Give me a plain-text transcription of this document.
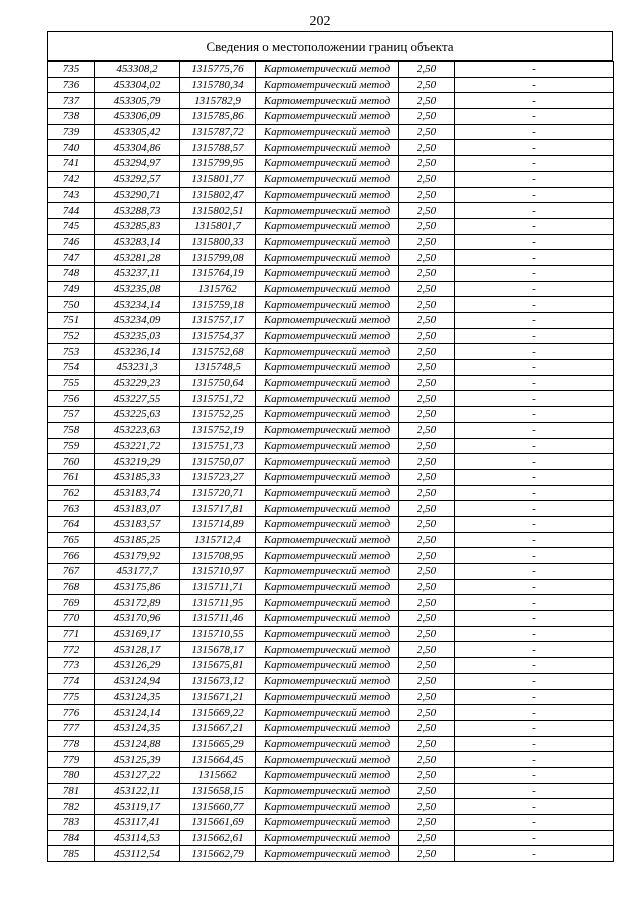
202
Сведения о местоположении границ объекта
735	453308,2	1315775,76	Картометрический метод	2,50	-
736	453304,02	1315780,34	Картометрический метод	2,50	-
737	453305,79	1315782,9	Картометрический метод	2,50	-
738	453306,09	1315785,86	Картометрический метод	2,50	-
739	453305,42	1315787,72	Картометрический метод	2,50	-
740	453304,86	1315788,57	Картометрический метод	2,50	-
741	453294,97	1315799,95	Картометрический метод	2,50	-
742	453292,57	1315801,77	Картометрический метод	2,50	-
743	453290,71	1315802,47	Картометрический метод	2,50	-
744	453288,73	1315802,51	Картометрический метод	2,50	-
745	453285,83	1315801,7	Картометрический метод	2,50	-
746	453283,14	1315800,33	Картометрический метод	2,50	-
747	453281,28	1315799,08	Картометрический метод	2,50	-
748	453237,11	1315764,19	Картометрический метод	2,50	-
749	453235,08	1315762	Картометрический метод	2,50	-
750	453234,14	1315759,18	Картометрический метод	2,50	-
751	453234,09	1315757,17	Картометрический метод	2,50	-
752	453235,03	1315754,37	Картометрический метод	2,50	-
753	453236,14	1315752,68	Картометрический метод	2,50	-
754	453231,3	1315748,5	Картометрический метод	2,50	-
755	453229,23	1315750,64	Картометрический метод	2,50	-
756	453227,55	1315751,72	Картометрический метод	2,50	-
757	453225,63	1315752,25	Картометрический метод	2,50	-
758	453223,63	1315752,19	Картометрический метод	2,50	-
759	453221,72	1315751,73	Картометрический метод	2,50	-
760	453219,29	1315750,07	Картометрический метод	2,50	-
761	453185,33	1315723,27	Картометрический метод	2,50	-
762	453183,74	1315720,71	Картометрический метод	2,50	-
763	453183,07	1315717,81	Картометрический метод	2,50	-
764	453183,57	1315714,89	Картометрический метод	2,50	-
765	453185,25	1315712,4	Картометрический метод	2,50	-
766	453179,92	1315708,95	Картометрический метод	2,50	-
767	453177,7	1315710,97	Картометрический метод	2,50	-
768	453175,86	1315711,71	Картометрический метод	2,50	-
769	453172,89	1315711,95	Картометрический метод	2,50	-
770	453170,96	1315711,46	Картометрический метод	2,50	-
771	453169,17	1315710,55	Картометрический метод	2,50	-
772	453128,17	1315678,17	Картометрический метод	2,50	-
773	453126,29	1315675,81	Картометрический метод	2,50	-
774	453124,94	1315673,12	Картометрический метод	2,50	-
775	453124,35	1315671,21	Картометрический метод	2,50	-
776	453124,14	1315669,22	Картометрический метод	2,50	-
777	453124,35	1315667,21	Картометрический метод	2,50	-
778	453124,88	1315665,29	Картометрический метод	2,50	-
779	453125,39	1315664,45	Картометрический метод	2,50	-
780	453127,22	1315662	Картометрический метод	2,50	-
781	453122,11	1315658,15	Картометрический метод	2,50	-
782	453119,17	1315660,77	Картометрический метод	2,50	-
783	453117,41	1315661,69	Картометрический метод	2,50	-
784	453114,53	1315662,61	Картометрический метод	2,50	-
785	453112,54	1315662,79	Картометрический метод	2,50	-
